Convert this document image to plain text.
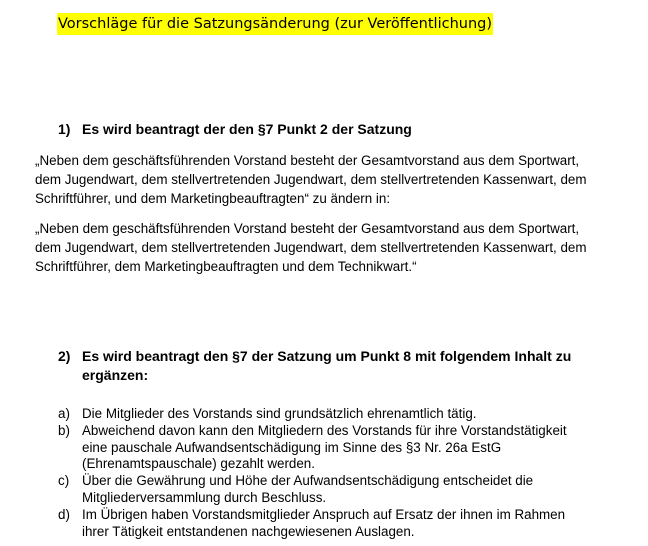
Vorschläge für die Satzungsänderung (zur Veröffentlichung)
1) Es wird beantragt der den §7 Punkt 2 der Satzung
„Neben dem geschäftsführenden Vorstand besteht der Gesamtvorstand aus dem Sportwart,
dem Jugendwart, dem stellvertretenden Jugendwart, dem stellvertretenden Kassenwart, dem
Schriftführer, und dem Marketingbeauftragten“ zu ändern in:
„Neben dem geschäftsführenden Vorstand besteht der Gesamtvorstand aus dem Sportwart,
dem Jugendwart, dem stellvertretenden Jugendwart, dem stellvertretenden Kassenwart, dem
Schriftführer, dem Marketingbeauftragten und dem Technikwart.“
2) Es wird beantragt den §7 der Satzung um Punkt 8 mit folgendem Inhalt zu
ergänzen:
a) Die Mitglieder des Vorstands sind grundsätzlich ehrenamtlich tätig.
b) Abweichend davon kann den Mitgliedern des Vorstands für ihre Vorstandstätigkeit
eine pauschale Aufwandsentschädigung im Sinne des §3 Nr. 26a EstG
(Ehrenamtspauschale) gezahlt werden.
c) Über die Gewährung und Höhe der Aufwandsentschädigung entscheidet die
Mitgliederversammlung durch Beschluss.
d) Im Übrigen haben Vorstandsmitglieder Anspruch auf Ersatz der ihnen im Rahmen
ihrer Tätigkeit entstandenen nachgewiesenen Auslagen.
